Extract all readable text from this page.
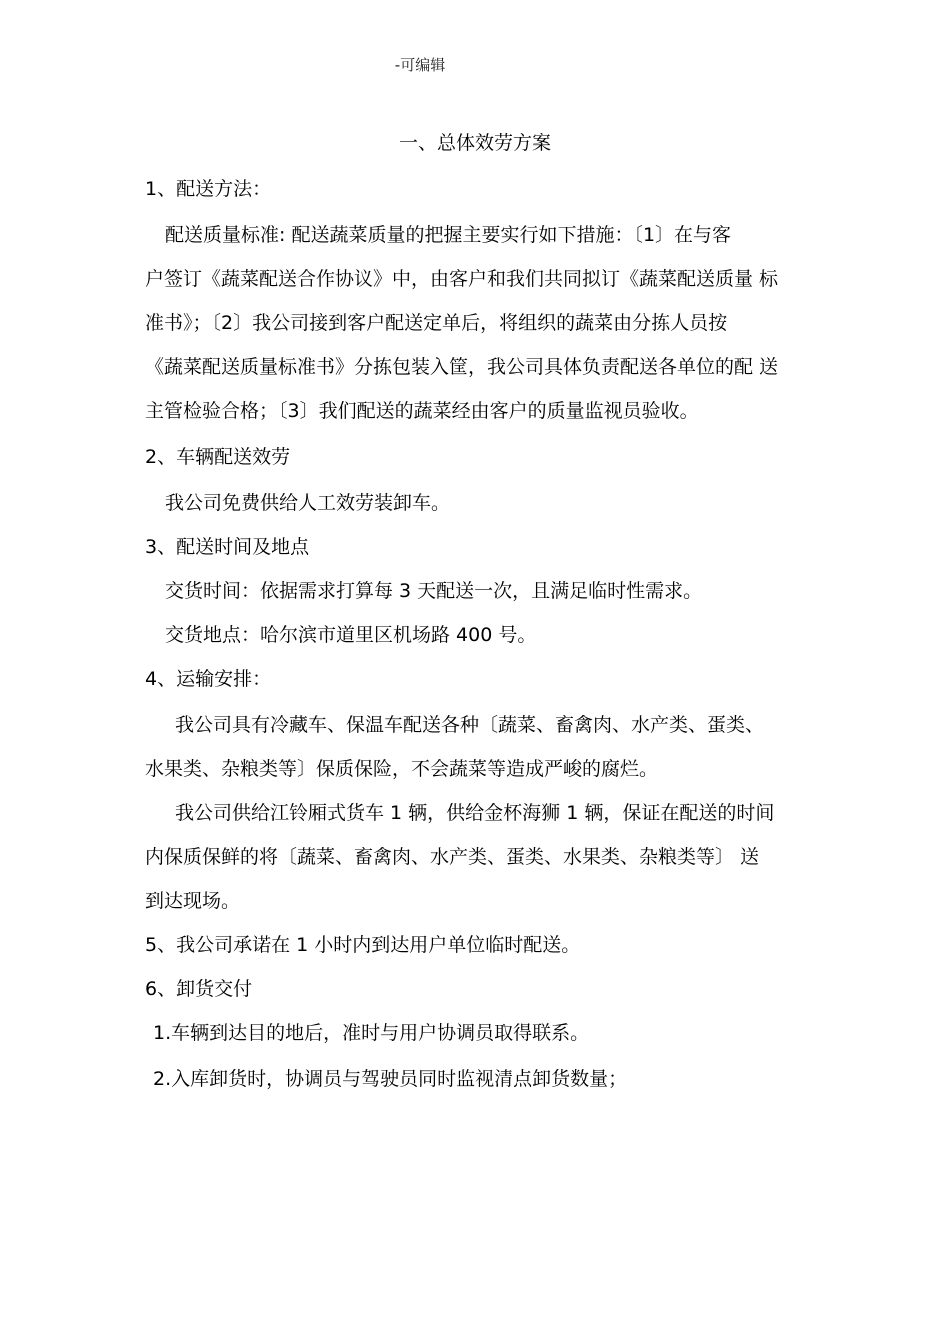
-可编辑
一、总体效劳方案
1、配送方法：
配送质量标准: 配送蔬菜质量的把握主要实行如下措施：〔1〕在与客
户签订《蔬菜配送合作协议》中，由客户和我们共同拟订《蔬菜配送质量 标
准书》；〔2〕我公司接到客户配送定单后，将组织的蔬菜由分拣人员按
《蔬菜配送质量标准书》分拣包装入筐，我公司具体负责配送各单位的配 送
主管检验合格；〔3〕我们配送的蔬菜经由客户的质量监视员验收。
2、车辆配送效劳
我公司免费供给人工效劳装卸车。
3、配送时间及地点
交货时间：依据需求打算每 3 天配送一次，且满足临时性需求。
交货地点：哈尔滨市道里区机场路 400 号。
4、运输安排：
我公司具有冷藏车、保温车配送各种〔蔬菜、畜禽肉、水产类、蛋类、
水果类、杂粮类等〕保质保险，不会蔬菜等造成严峻的腐烂。
我公司供给江铃厢式货车 1 辆，供给金杯海狮 1 辆，保证在配送的时间
内保质保鲜的将〔蔬菜、畜禽肉、水产类、蛋类、水果类、杂粮类等〕 送
到达现场。
5、我公司承诺在 1 小时内到达用户单位临时配送。
6、卸货交付
1.车辆到达目的地后，准时与用户协调员取得联系。
2.入库卸货时，协调员与驾驶员同时监视清点卸货数量；
